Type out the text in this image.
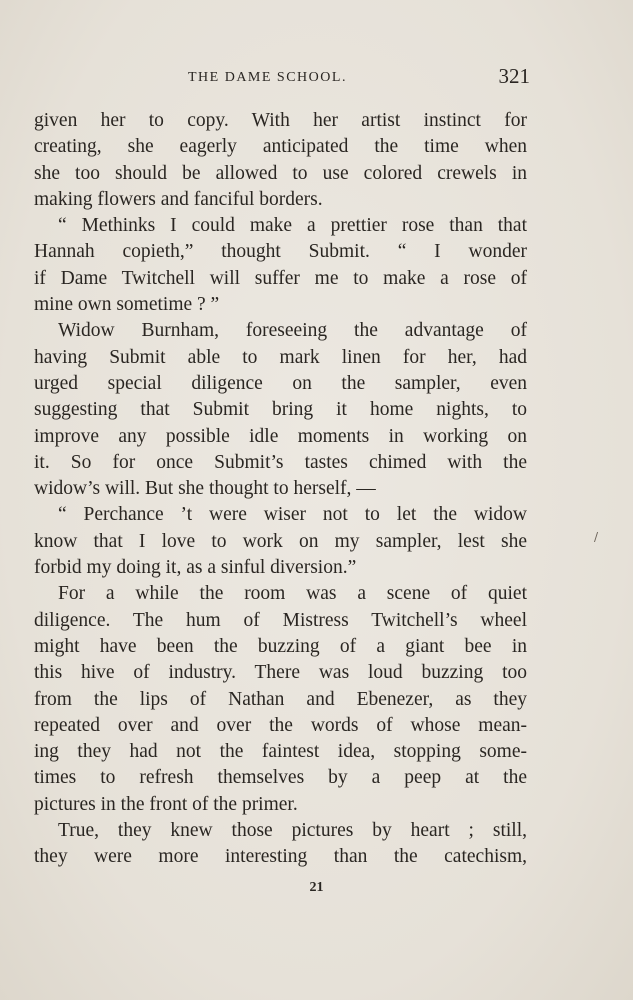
THE DAME SCHOOL.	321
given her to copy. With her artist instinct for
creating, she eagerly anticipated the time when
she too should be allowed to use colored crewels in
making flowers and fanciful borders.
“ Methinks I could make a prettier rose than that
Hannah copieth,” thought Submit. “ I wonder
if Dame Twitchell will suffer me to make a rose of
mine own sometime ? ”
Widow Burnham, foreseeing the advantage of
having Submit able to mark linen for her, had
urged special diligence on the sampler, even
suggesting that Submit bring it home nights, to
improve any possible idle moments in working on
it. So for once Submit’s tastes chimed with the
widow’s will. But she thought to herself, —
“ Perchance ’t were wiser not to let the widow
know that I love to work on my sampler, lest she
forbid my doing it, as a sinful diversion.”
For a while the room was a scene of quiet
diligence. The hum of Mistress Twitchell’s wheel
might have been the buzzing of a giant bee in
this hive of industry. There was loud buzzing too
from the lips of Nathan and Ebenezer, as they
repeated over and over the words of whose mean-
ing they had not the faintest idea, stopping some-
times to refresh themselves by a peep at the
pictures in the front of the primer.
True, they knew those pictures by heart ; still,
they were more interesting than the catechism,
21
/
